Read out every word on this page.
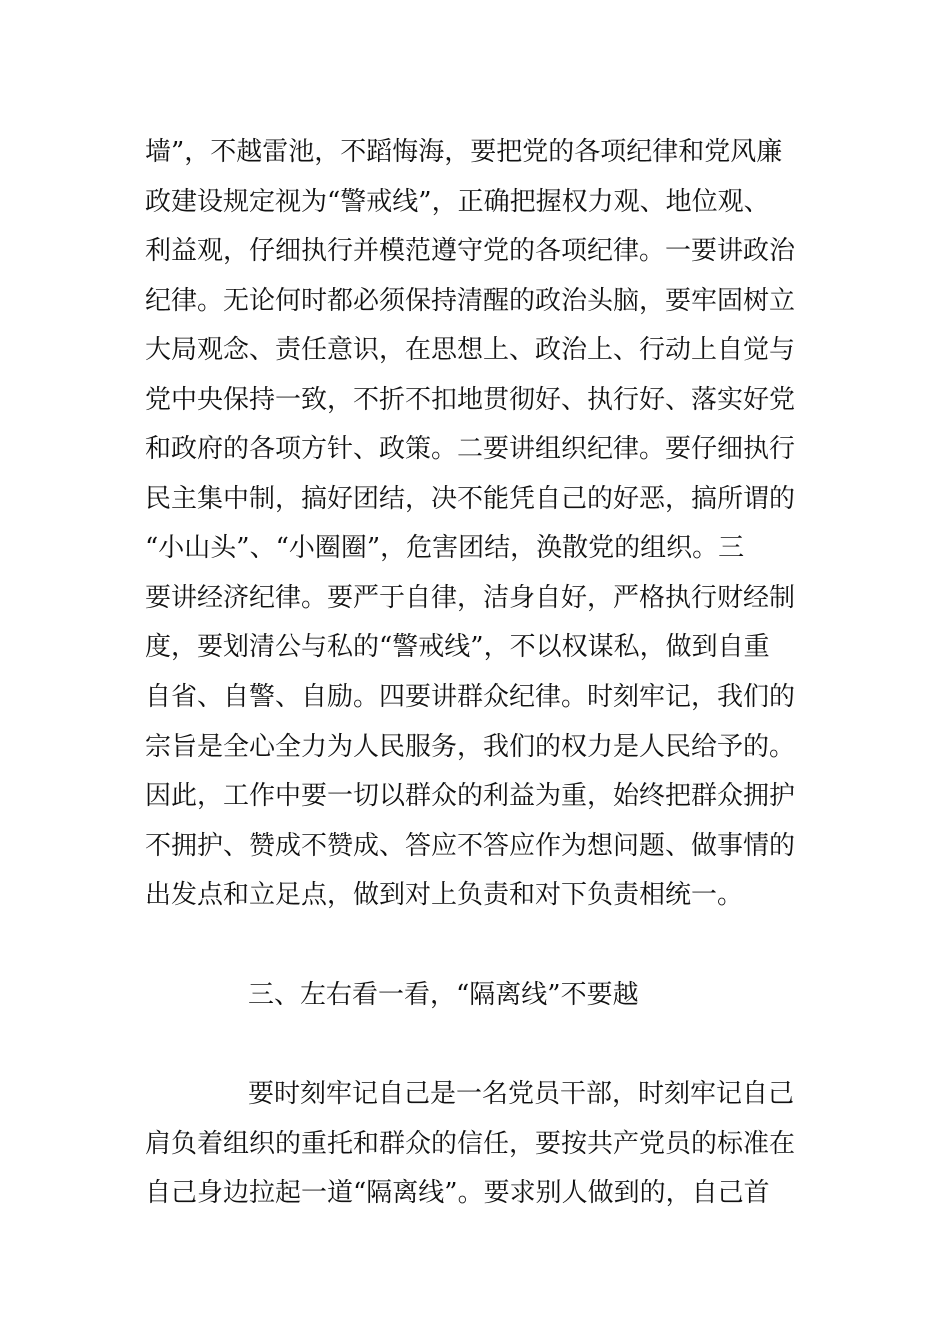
墙”，不越雷池，不蹈悔海，要把党的各项纪律和党风廉
政建设规定视为“警戒线”，正确把握权力观、地位观、
利益观，仔细执行并模范遵守党的各项纪律。一要讲政治
纪律。无论何时都必须保持清醒的政治头脑，要牢固树立
大局观念、责任意识，在思想上、政治上、行动上自觉与
党中央保持一致，不折不扣地贯彻好、执行好、落实好党
和政府的各项方针、政策。二要讲组织纪律。要仔细执行
民主集中制，搞好团结，决不能凭自己的好恶，搞所谓的
“小山头”、“小圈圈”，危害团结，涣散党的组织。三
要讲经济纪律。要严于自律，洁身自好，严格执行财经制
度，要划清公与私的“警戒线”，不以权谋私，做到自重
自省、自警、自励。四要讲群众纪律。时刻牢记，我们的
宗旨是全心全力为人民服务，我们的权力是人民给予的。
因此，工作中要一切以群众的利益为重，始终把群众拥护
不拥护、赞成不赞成、答应不答应作为想问题、做事情的
出发点和立足点，做到对上负责和对下负责相统一。
三、左右看一看，“隔离线”不要越
要时刻牢记自己是一名党员干部，时刻牢记自己
肩负着组织的重托和群众的信任，要按共产党员的标准在
自己身边拉起一道“隔离线”。要求别人做到的，自己首
